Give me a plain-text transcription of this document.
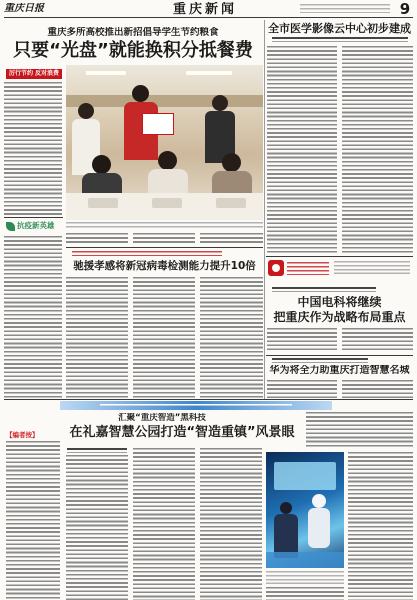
重庆日报	重庆新闻	9
重庆多所高校推出新招倡导学生节约粮食
只要“光盘”就能换积分抵餐费
厉行节约 反对浪费
抗疫新英雄
驰援孝感将新冠病毒检测能力提升10倍
全市医学影像云中心初步建成
中国电科将继续
把重庆作为战略布局重点
华为将全力助重庆打造智慧名城
汇聚“重庆智造”黑科技
在礼嘉智慧公园打造“智造重镇”风景眼
【编者按】
